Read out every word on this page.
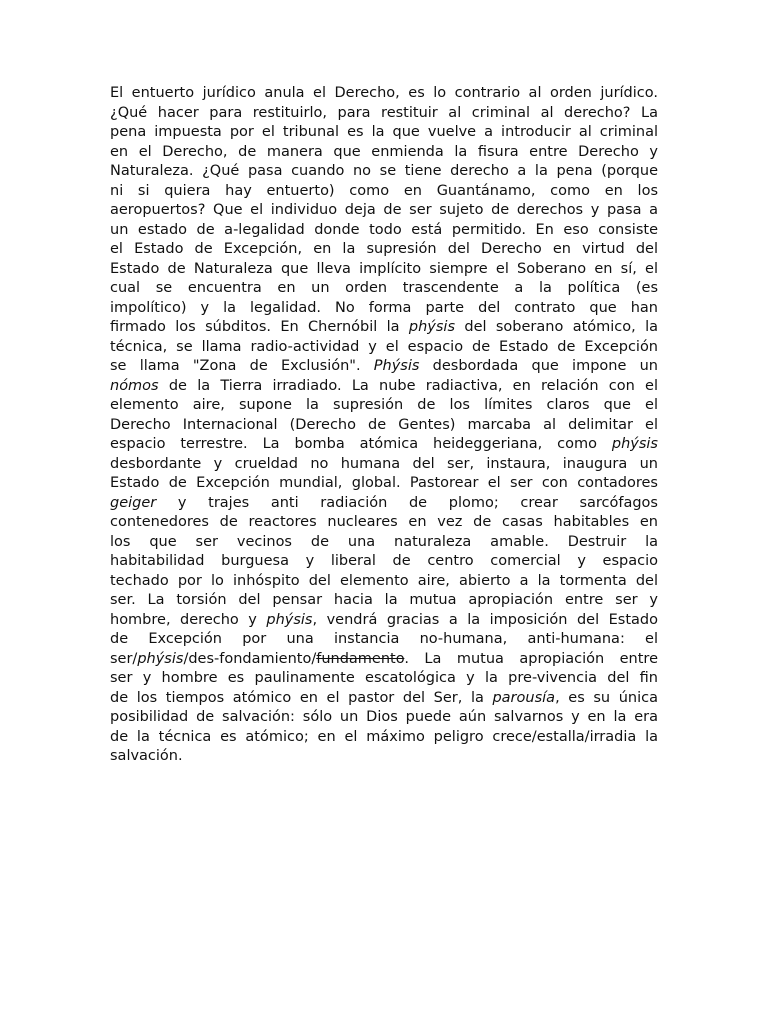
El entuerto jurídico anula el Derecho, es lo contrario al orden jurídico.
¿Qué hacer para restituirlo, para restituir al criminal al derecho? La
pena impuesta por el tribunal es la que vuelve a introducir al criminal
en el Derecho, de manera que enmienda la fisura entre Derecho y
Naturaleza. ¿Qué pasa cuando no se tiene derecho a la pena (porque
ni si quiera hay entuerto) como en Guantánamo, como en los
aeropuertos? Que el individuo deja de ser sujeto de derechos y pasa a
un estado de a-legalidad donde todo está permitido. En eso consiste
el Estado de Excepción, en la supresión del Derecho en virtud del
Estado de Naturaleza que lleva implícito siempre el Soberano en sí, el
cual se encuentra en un orden trascendente a la política (es
impolítico) y la legalidad. No forma parte del contrato que han
firmado los súbditos. En Chernóbil la phýsis del soberano atómico, la
técnica, se llama radio-actividad y el espacio de Estado de Excepción
se llama "Zona de Exclusión". Phýsis desbordada que impone un
nómos de la Tierra irradiado. La nube radiactiva, en relación con el
elemento aire, supone la supresión de los límites claros que el
Derecho Internacional (Derecho de Gentes) marcaba al delimitar el
espacio terrestre. La bomba atómica heideggeriana, como phýsis
desbordante y crueldad no humana del ser, instaura, inaugura un
Estado de Excepción mundial, global. Pastorear el ser con contadores
geiger y trajes anti radiación de plomo; crear sarcófagos
contenedores de reactores nucleares en vez de casas habitables en
los que ser vecinos de una naturaleza amable. Destruir la
habitabilidad burguesa y liberal de centro comercial y espacio
techado por lo inhóspito del elemento aire, abierto a la tormenta del
ser. La torsión del pensar hacia la mutua apropiación entre ser y
hombre, derecho y phýsis, vendrá gracias a la imposición del Estado
de Excepción por una instancia no-humana, anti-humana: el
ser/phýsis/des-fondamiento/fundamento. La mutua apropiación entre
ser y hombre es paulinamente escatológica y la pre-vivencia del fin
de los tiempos atómico en el pastor del Ser, la parousía, es su única
posibilidad de salvación: sólo un Dios puede aún salvarnos y en la era
de la técnica es atómico; en el máximo peligro crece/estalla/irradia la
salvación.
